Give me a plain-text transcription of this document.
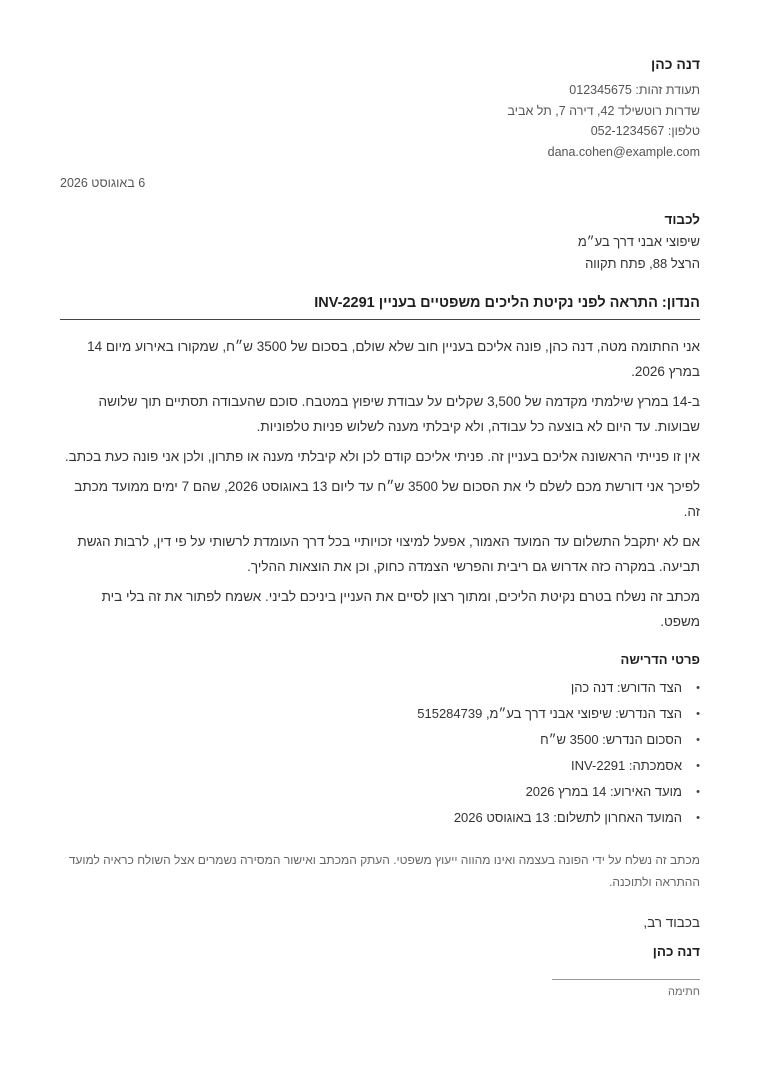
דנה כהן
תעודת זהות: 012345675
שדרות רוטשילד 42, דירה 7, תל אביב
טלפון: 052-1234567
dana.cohen@example.com
6 באוגוסט 2026
לכבוד
שיפוצי אבני דרך בע״מ
הרצל 88, פתח תקווה
הנדון: התראה לפני נקיטת הליכים משפטיים בעניין INV-2291

אני החתומה מטה, דנה כהן, פונה אליכם בעניין חוב שלא שולם, בסכום של 3500 ש״ח, שמקורו באירוע מיום 14 במרץ 2026.

ב-14 במרץ שילמתי מקדמה של 3,500 שקלים על עבודת שיפוץ במטבח. סוכם שהעבודה תסתיים תוך שלושה שבועות. עד היום לא בוצעה כל עבודה, ולא קיבלתי מענה לשלוש פניות טלפוניות.

אין זו פנייתי הראשונה אליכם בעניין זה. פניתי אליכם קודם לכן ולא קיבלתי מענה או פתרון, ולכן אני פונה כעת בכתב.

לפיכך אני דורשת מכם לשלם לי את הסכום של 3500 ש״ח עד ליום 13 באוגוסט 2026, שהם 7 ימים ממועד מכתב זה.

אם לא יתקבל התשלום עד המועד האמור, אפעל למיצוי זכויותיי בכל דרך העומדת לרשותי על פי דין, לרבות הגשת תביעה. במקרה כזה אדרוש גם ריבית והפרשי הצמדה כחוק, וכן את הוצאות ההליך.

מכתב זה נשלח בטרם נקיטת הליכים, ומתוך רצון לסיים את העניין ביניכם לביני. אשמח לפתור את זה בלי בית משפט.

פרטי הדרישה
•
הצד הדורש: דנה כהן
•
הצד הנדרש: שיפוצי אבני דרך בע״מ, 515284739
•
הסכום הנדרש: 3500 ש״ח
•
אסמכתה: INV-2291
•
מועד האירוע: 14 במרץ 2026
•
המועד האחרון לתשלום: 13 באוגוסט 2026
מכתב זה נשלח על ידי הפונה בעצמה ואינו מהווה ייעוץ משפטי. העתק המכתב ואישור המסירה נשמרים אצל השולח כראיה למועד ההתראה ולתוכנה.
בכבוד רב,
דנה כהן
חתימה
